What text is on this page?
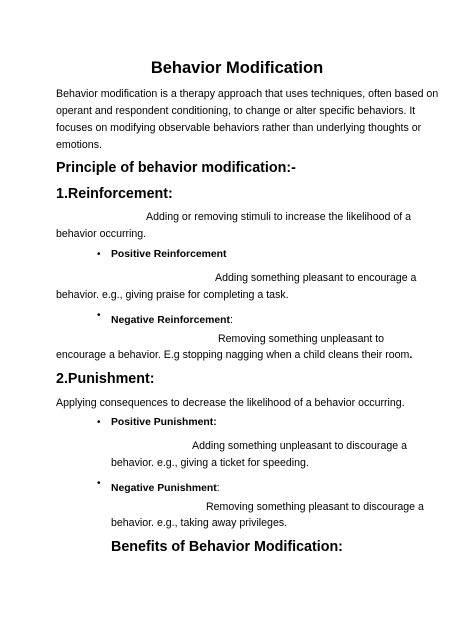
Behavior Modification

Behavior modification is a therapy approach that uses techniques, often based on

operant and respondent conditioning, to change or alter specific behaviors. It

focuses on modifying observable behaviors rather than underlying thoughts or

emotions.

Principle of behavior modification:-
1.Reinforcement:

Adding or removing stimuli to increase the likelihood of a

behavior occurring.

• Positive Reinforcement

Adding something pleasant to encourage a

behavior. e.g., giving praise for completing a task.

• Negative Reinforcement:

Removing something unpleasant to

encourage a behavior. E.g stopping nagging when a child cleans their room.

2.Punishment:

Applying consequences to decrease the likelihood of a behavior occurring.

• Positive Punishment:

Adding something unpleasant to discourage a

behavior. e.g., giving a ticket for speeding.

• Negative Punishment:

Removing something pleasant to discourage a

behavior. e.g., taking away privileges.

Benefits of Behavior Modification:
